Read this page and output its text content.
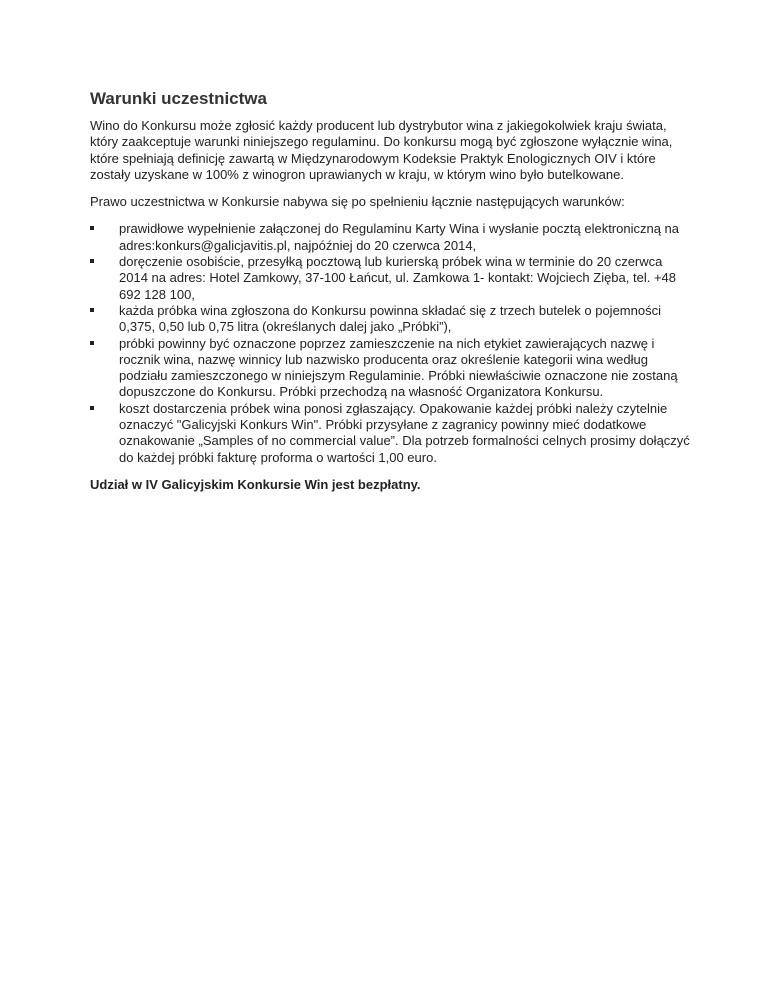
Warunki uczestnictwa

Wino do Konkursu może zgłosić każdy producent lub dystrybutor wina z jakiegokolwiek kraju świata, który zaakceptuje warunki niniejszego regulaminu. Do konkursu mogą być zgłoszone wyłącznie wina, które spełniają definicję zawartą w Międzynarodowym Kodeksie Praktyk Enologicznych OIV i które zostały uzyskane w 100% z winogron uprawianych w kraju, w którym wino było butelkowane.

Prawo uczestnictwa w Konkursie nabywa się po spełnieniu łącznie następujących warunków:

prawidłowe wypełnienie załączonej do Regulaminu Karty Wina i wysłanie pocztą elektroniczną na adres:konkurs@galicjavitis.pl, najpóźniej do 20 czerwca 2014,
doręczenie osobiście, przesyłką pocztową lub kurierską próbek wina w terminie do 20 czerwca 2014 na adres: Hotel Zamkowy, 37-100 Łańcut, ul. Zamkowa 1- kontakt: Wojciech Zięba, tel. +48 692 128 100,
każda próbka wina zgłoszona do Konkursu powinna składać się z trzech butelek o pojemności 0,375, 0,50 lub 0,75 litra (określanych dalej jako „Próbki”),
próbki powinny być oznaczone poprzez zamieszczenie na nich etykiet zawierających nazwę i rocznik wina, nazwę winnicy lub nazwisko producenta oraz określenie kategorii wina według podziału zamieszczonego w niniejszym Regulaminie. Próbki niewłaściwie oznaczone nie zostaną dopuszczone do Konkursu. Próbki przechodzą na własność Organizatora Konkursu.
koszt dostarczenia próbek wina ponosi zgłaszający. Opakowanie każdej próbki należy czytelnie oznaczyć "Galicyjski Konkurs Win". Próbki przysyłane z zagranicy powinny mieć dodatkowe oznakowanie „Samples of no commercial value”. Dla potrzeb formalności celnych prosimy dołączyć do każdej próbki fakturę proforma o wartości 1,00 euro.

Udział w IV Galicyjskim Konkursie Win jest bezpłatny.
